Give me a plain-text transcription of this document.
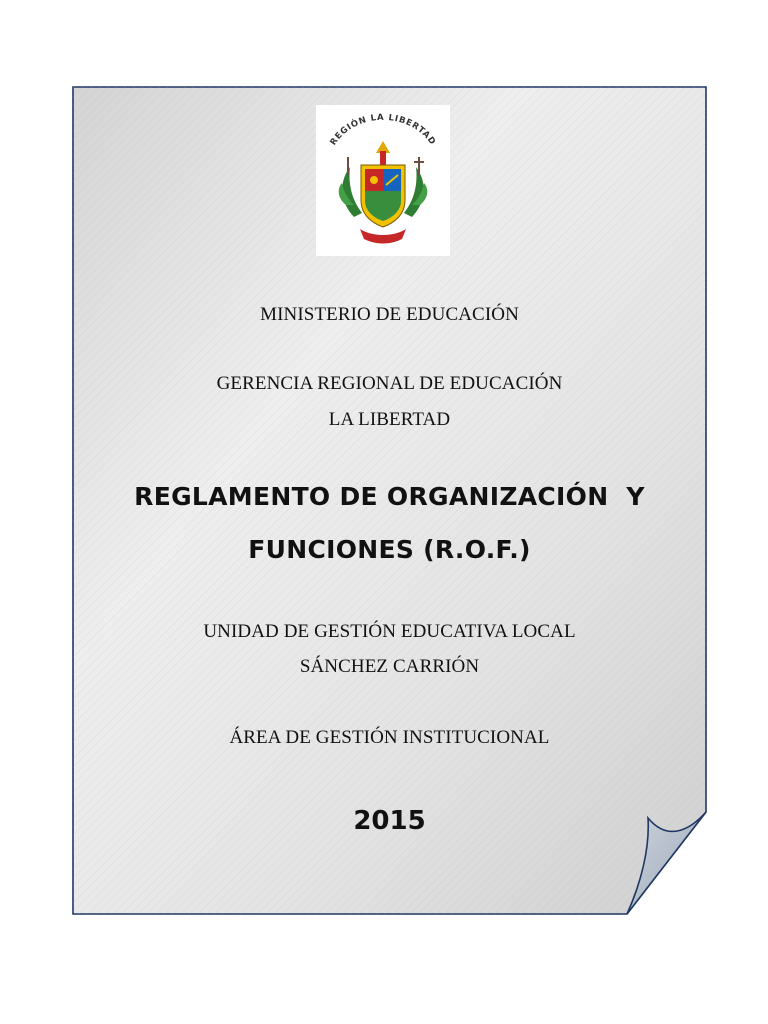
REGIÓN LA LIBERTAD

MINISTERIO DE EDUCACIÓN

GERENCIA REGIONAL DE EDUCACIÓN

LA LIBERTAD

REGLAMENTO DE ORGANIZACIÓN  Y

FUNCIONES (R.O.F.)

UNIDAD DE GESTIÓN EDUCATIVA LOCAL

SÁNCHEZ CARRIÓN

ÁREA DE GESTIÓN INSTITUCIONAL

2015
